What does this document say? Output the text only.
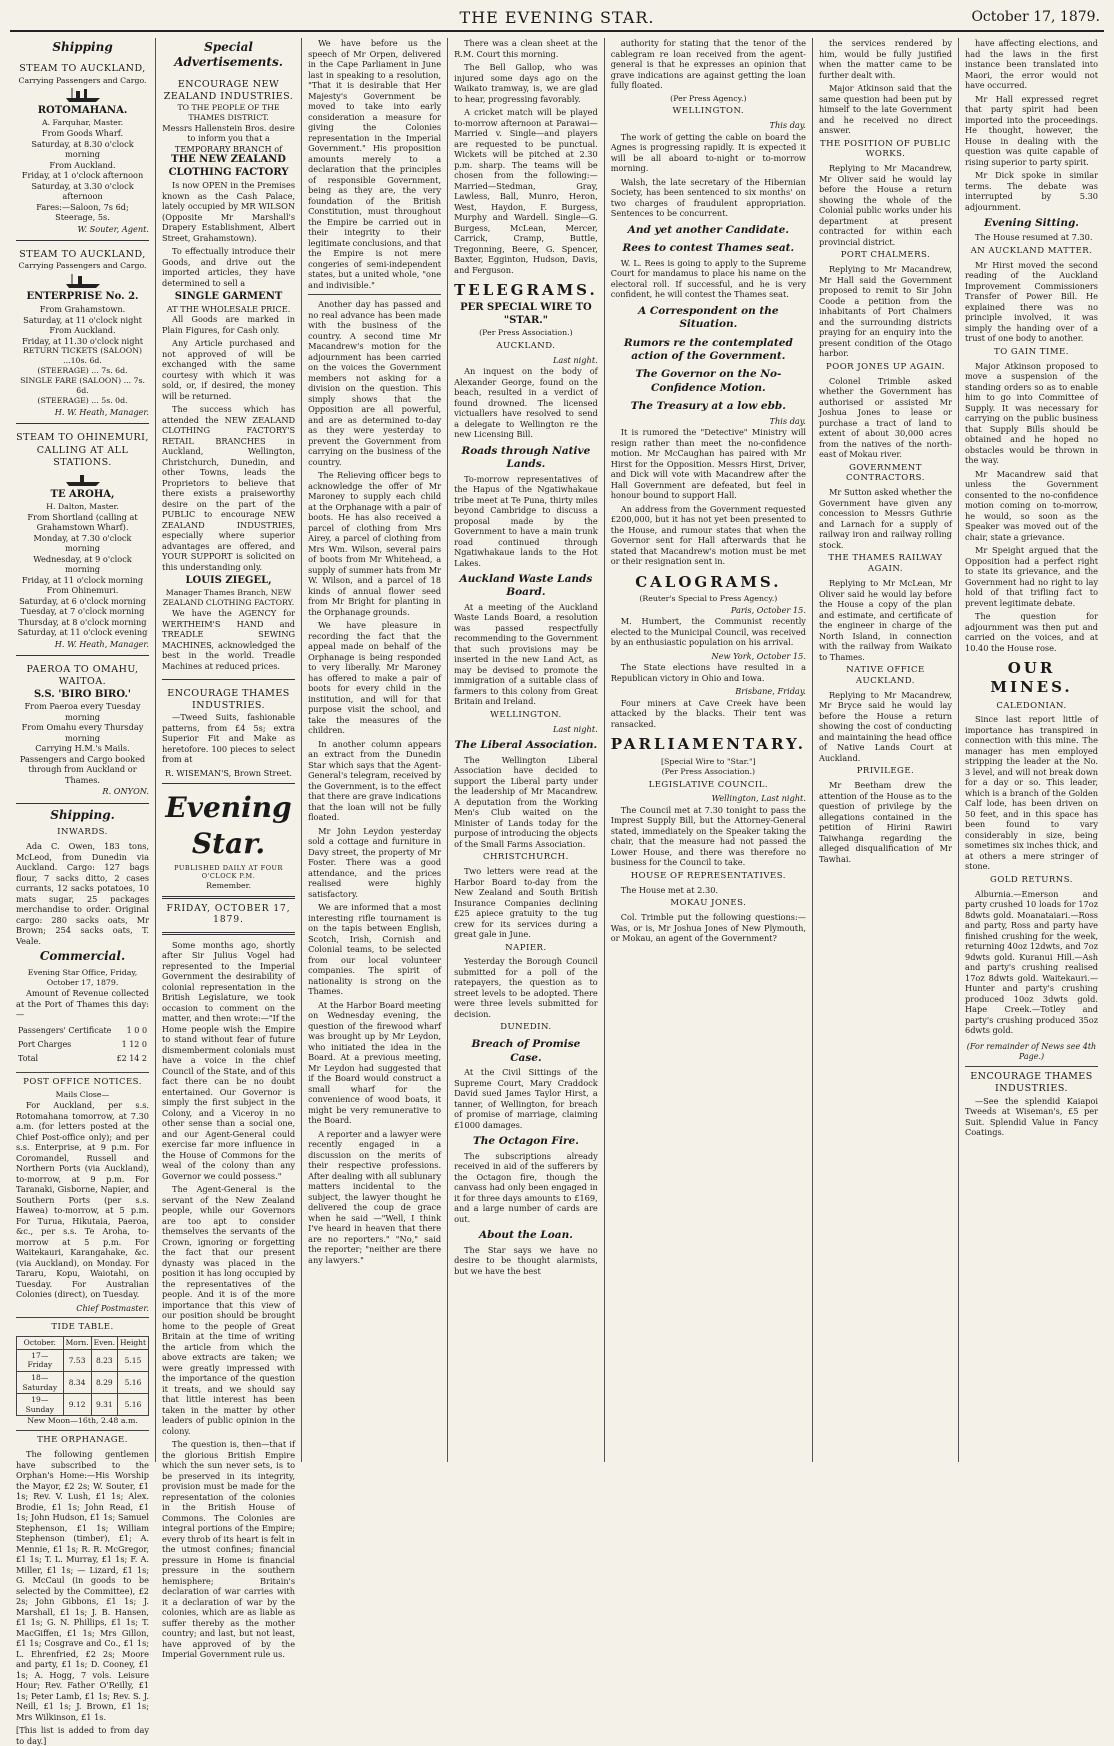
THE EVENING STAR.	October 17, 1879.
Shipping
STEAM TO AUCKLAND,
Carrying Passengers and Cargo.
ROTOMAHANA.
A. Farquhar, Master.
From Goods Wharf.
Saturday, at 8.30 o'clock morning
From Auckland.
Friday, at 1 o'clock afternoon
Saturday, at 3.30 o'clock afternoon
Fares:—Saloon, 7s 6d; Steerage, 5s.
W. Souter, Agent.
STEAM TO AUCKLAND,
Carrying Passengers and Cargo.
ENTERPRISE No. 2.
From Grahamstown.
Saturday, at 11 o'clock night
From Auckland.
Friday, at 11.30 o'clock night
RETURN TICKETS (SALOON) ...10s. 6d.
(STEERAGE) ... 7s. 6d.
SINGLE FARE (SALOON) ... 7s. 6d.
(STEERAGE) ... 5s. 0d.
H. W. Heath, Manager.
STEAM TO OHINEMURI, CALLING AT ALL STATIONS.
TE AROHA,
H. Dalton, Master.
From Shortland (calling at Grahamstown Wharf).
Monday, at 7.30 o'clock morning
Wednesday, at 9 o'clock morning
Friday, at 11 o'clock morning
From Ohinemuri.
Saturday, at 6 o'clock morning
Tuesday, at 7 o'clock morning
Thursday, at 8 o'clock morning
Saturday, at 11 o'clock evening
H. W. Heath, Manager.
PAEROA TO OMAHU, WAITOA.
S.S. 'BIRO BIRO.'
From Paeroa every Tuesday morning
From Omahu every Thursday morning
Carrying H.M.'s Mails.
Passengers and Cargo booked through from Auckland or Thames.
R. ONYON.
Shipping.
INWARDS.

Ada C. Owen, 183 tons, McLeod, from Dunedin via Auckland. Cargo: 127 bags flour, 7 sacks ditto, 2 cases currants, 12 sacks potatoes, 10 mats sugar, 25 packages merchandise to order. Original cargo: 280 sacks oats, Mr Brown; 254 sacks oats, T. Veale.

Commercial.
Evening Star Office, Friday, October 17, 1879.

Amount of Revenue collected at the Port of Thames this day:—

Passengers' Certificate	1 0 0
Port Charges	1 12 0
Total	£2 14 2
POST OFFICE NOTICES.
Mails Close—

For Auckland, per s.s. Rotomahana tomorrow, at 7.30 a.m. (for letters posted at the Chief Post-office only); and per s.s. Enterprise, at 9 p.m. For Coromandel, Russell and Northern Ports (via Auckland), to-morrow, at 9 p.m. For Taranaki, Gisborne, Napier, and Southern Ports (per s.s. Hawea) to-morrow, at 5 p.m. For Turua, Hikutaia, Paeroa, &c., per s.s. Te Aroha, to-morrow at 5 p.m. For Waitekauri, Karangahake, &c. (via Auckland), on Monday. For Tararu, Kopu, Waiotahi, on Tuesday. For Australian Colonies (direct), on Tuesday.

Chief Postmaster.
TIDE TABLE.
October.	Morn.	Even.	Height
17—Friday	7.53	8.23	5.15
18—Saturday	8.34	8.29	5.16
19—Sunday	9.12	9.31	5.16
New Moon—16th, 2.48 a.m.
THE ORPHANAGE.

The following gentlemen have subscribed to the Orphan's Home:—His Worship the Mayor, £2 2s; W. Souter, £1 1s; Rev. V. Lush, £1 1s; Alex. Brodie, £1 1s; John Read, £1 1s; John Hudson, £1 1s; Samuel Stephenson, £1 1s; William Stephenson (timber), £1; A. Mennie, £1 1s; R. R. McGregor, £1 1s; T. L. Murray, £1 1s; F. A. Miller, £1 1s; — Lizard, £1 1s; G. McCaul (in goods to be selected by the Committee), £2 2s; John Gibbons, £1 1s; J. Marshall, £1 1s; J. B. Hansen, £1 1s; G. N. Phillips, £1 1s; T. MacGiffen, £1 1s; Mrs Gillon, £1 1s; Cosgrave and Co., £1 1s; L. Ehrenfried, £2 2s; Moore and party, £1 1s; D. Cooney, £1 1s; A. Hogg, 7 vols. Leisure Hour; Rev. Father O'Reilly, £1 1s; Peter Lamb, £1 1s; Rev. S. J. Neill, £1 1s; J. Brown, £1 1s; Mrs Wilkinson, £1 1s.

[This list is added to from day to day.]
Special Advertisements.
ENCOURAGE NEW ZEALAND INDUSTRIES.
TO THE PEOPLE OF THE THAMES DISTRICT.
Messrs Hallenstein Bros. desire to inform you that a TEMPORARY BRANCH of
THE NEW ZEALAND CLOTHING FACTORY

Is now OPEN in the Premises known as the Cash Palace, lately occupied by MR WILSON (Opposite Mr Marshall's Drapery Establishment, Albert Street, Grahamstown).

To effectually introduce their Goods, and drive out the imported articles, they have determined to sell a

SINGLE GARMENT
AT THE WHOLESALE PRICE.

All Goods are marked in Plain Figures, for Cash only.

Any Article purchased and not approved of will be exchanged with the same courtesy with which it was sold, or, if desired, the money will be returned.

The success which has attended the NEW ZEALAND CLOTHING FACTORY'S RETAIL BRANCHES in Auckland, Wellington, Christchurch, Dunedin, and other Towns, leads the Proprietors to believe that there exists a praiseworthy desire on the part of the PUBLIC to encourage NEW ZEALAND INDUSTRIES, especially where superior advantages are offered, and YOUR SUPPORT is solicited on this understanding only.

LOUIS ZIEGEL,
Manager Thames Branch, NEW ZEALAND CLOTHING FACTORY.

We have the AGENCY for WERTHEIM'S HAND and TREADLE SEWING MACHINES, acknowledged the best in the world. Treadle Machines at reduced prices.

ENCOURAGE THAMES INDUSTRIES.

—Tweed Suits, fashionable patterns, from £4 5s; extra Superior Fit and Make as heretofore. 100 pieces to select from at

R. WISEMAN'S, Brown Street.
Evening Star.
PUBLISHED DAILY AT FOUR O'CLOCK P.M.
Remember.
FRIDAY, OCTOBER 17, 1879.

Some months ago, shortly after Sir Julius Vogel had represented to the Imperial Government the desirability of colonial representation in the British Legislature, we took occasion to comment on the matter, and then wrote:—"If the Home people wish the Empire to stand without fear of future dismemberment colonials must have a voice in the chief Council of the State, and of this fact there can be no doubt entertained. Our Governor is simply the first subject in the Colony, and a Viceroy in no other sense than a social one, and our Agent-General could exercise far more influence in the House of Commons for the weal of the colony than any Governor we could possess."

The Agent-General is the servant of the New Zealand people, while our Governors are too apt to consider themselves the servants of the Crown, ignoring or forgetting the fact that our present dynasty was placed in the position it has long occupied by the representatives of the people. And it is of the more importance that this view of our position should be brought home to the people of Great Britain at the time of writing the article from which the above extracts are taken; we were greatly impressed with the importance of the question it treats, and we should say that little interest has been taken in the matter by other leaders of public opinion in the colony.

The question is, then—that if the glorious British Empire which the sun never sets, is to be preserved in its integrity, provision must be made for the representation of the colonies in the British House of Commons. The Colonies are integral portions of the Empire; every throb of its heart is felt in the utmost confines; financial pressure in Home is financial pressure in the southern hemisphere; Britain's declaration of war carries with it a declaration of war by the colonies, which are as liable as suffer thereby as the mother country; and last, but not least, have approved of by the Imperial Government rule us.

We have before us the speech of Mr Orpen, delivered in the Cape Parliament in June last in speaking to a resolution, "That it is desirable that Her Majesty's Government be moved to take into early consideration a measure for giving the Colonies representation in the Imperial Government." His proposition amounts merely to a declaration that the principles of responsible Government, being as they are, the very foundation of the British Constitution, must throughout the Empire be carried out in their integrity to their legitimate conclusions, and that the Empire is not mere congeries of semi-independent states, but a united whole, "one and indivisible."

Another day has passed and no real advance has been made with the business of the country. A second time Mr Macandrew's motion for the adjournment has been carried on the voices the Government members not asking for a division on the question. This simply shows that the Opposition are all powerful, and are as determined to-day as they were yesterday to prevent the Government from carrying on the business of the country.

The Relieving officer begs to acknowledge the offer of Mr Maroney to supply each child at the Orphanage with a pair of boots. He has also received a parcel of clothing from Mrs Airey, a parcel of clothing from Mrs Wm. Wilson, several pairs of boots from Mr Whitehead, a supply of summer hats from Mr W. Wilson, and a parcel of 18 kinds of annual flower seed from Mr Bright for planting in the Orphanage grounds.

We have pleasure in recording the fact that the appeal made on behalf of the Orphanage is being responded to very liberally. Mr Maroney has offered to make a pair of boots for every child in the institution, and will for that purpose visit the school, and take the measures of the children.

In another column appears an extract from the Dunedin Star which says that the Agent-General's telegram, received by the Government, is to the effect that there are grave indications that the loan will not be fully floated.

Mr John Leydon yesterday sold a cottage and furniture in Davy street, the property of Mr Foster. There was a good attendance, and the prices realised were highly satisfactory.

We are informed that a most interesting rifle tournament is on the tapis between English, Scotch, Irish, Cornish and Colonial teams, to be selected from our local volunteer companies. The spirit of nationality is strong on the Thames.

At the Harbor Board meeting on Wednesday evening, the question of the firewood wharf was brought up by Mr Leydon, who initiated the idea in the Board. At a previous meeting, Mr Leydon had suggested that if the Board would construct a small wharf for the convenience of wood boats, it might be very remunerative to the Board.

A reporter and a lawyer were recently engaged in a discussion on the merits of their respective professions. After dealing with all sublunary matters incidental to the subject, the lawyer thought he delivered the coup de grace when he said —"Well, I think I've heard in heaven that there are no reporters." "No," said the reporter; "neither are there any lawyers."

There was a clean sheet at the R.M. Court this morning.

The Bell Gallop, who was injured some days ago on the Waikato tramway, is, we are glad to hear, progressing favorably.

A cricket match will be played to-morrow afternoon at Parawai—Married v. Single—and players are requested to be punctual. Wickets will be pitched at 2.30 p.m. sharp. The teams will be chosen from the following:—Married—Stedman, Gray, Lawless, Ball, Munro, Heron, West, Haydon, F. Burgess, Murphy and Wardell. Single—G. Burgess, McLean, Mercer, Carrick, Cramp, Buttle, Tregonning, Beere, G. Spencer, Baxter, Egginton, Hudson, Davis, and Ferguson.

TELEGRAMS.
PER SPECIAL WIRE TO "STAR."
(Per Press Association.)
AUCKLAND.
Last night.

An inquest on the body of Alexander George, found on the beach, resulted in a verdict of found drowned. The licensed victuallers have resolved to send a delegate to Wellington re the new Licensing Bill.

Roads through Native Lands.

To-morrow representatives of the Hapus of the Ngatiwhakaue tribe meet at Te Puna, thirty miles beyond Cambridge to discuss a proposal made by the Government to have a main trunk road continued through Ngatiwhakaue lands to the Hot Lakes.

Auckland Waste Lands Board.

At a meeting of the Auckland Waste Lands Board, a resolution was passed respectfully recommending to the Government that such provisions may be inserted in the new Land Act, as may be devised to promote the immigration of a suitable class of farmers to this colony from Great Britain and Ireland.

WELLINGTON.
Last night.
The Liberal Association.

The Wellington Liberal Association have decided to support the Liberal party under the leadership of Mr Macandrew. A deputation from the Working Men's Club waited on the Minister of Lands today for the purpose of introducing the objects of the Small Farms Association.

CHRISTCHURCH.

Two letters were read at the Harbor Board to-day from the New Zealand and South British Insurance Companies declining £25 apiece gratuity to the tug crew for its services during a great gale in June.

NAPIER.

Yesterday the Borough Council submitted for a poll of the ratepayers, the question as to street levels to be adopted. There were three levels submitted for decision.

DUNEDIN.
Breach of Promise Case.

At the Civil Sittings of the Supreme Court, Mary Craddock David sued James Taylor Hirst, a tanner, of Wellington, for breach of promise of marriage, claiming £1000 damages.

The Octagon Fire.

The subscriptions already received in aid of the sufferers by the Octagon fire, though the canvass had only been engaged in it for three days amounts to £169, and a large number of cards are out.

About the Loan.

The Star says we have no desire to be thought alarmists, but we have the best

authority for stating that the tenor of the cablegram re loan received from the agent-general is that he expresses an opinion that grave indications are against getting the loan fully floated.

(Per Press Agency.)
WELLINGTON.
This day.

The work of getting the cable on board the Agnes is progressing rapidly. It is expected it will be all aboard to-night or to-morrow morning.

Walsh, the late secretary of the Hibernian Society, has been sentenced to six months' on two charges of fraudulent appropriation. Sentences to be concurrent.

And yet another Candidate.
Rees to contest Thames seat.

W. L. Rees is going to apply to the Supreme Court for mandamus to place his name on the electoral roll. If successful, and he is very confident, he will contest the Thames seat.

A Correspondent on the Situation.
Rumors re the contemplated action of the Government.
The Governor on the No-Confidence Motion.
The Treasury at a low ebb.
This day.

It is rumored the "Detective" Ministry will resign rather than meet the no-confidence motion. Mr McCaughan has paired with Mr Hirst for the Opposition. Messrs Hirst, Driver, and Dick will vote with Macandrew after the Hall Government are defeated, but feel in honour bound to support Hall.

An address from the Government requested £200,000, but it has not yet been presented to the House, and rumour states that when the Governor sent for Hall afterwards that he stated that Macandrew's motion must be met or their resignation sent in.

CALOGRAMS.
(Reuter's Special to Press Agency.)
Paris, October 15.

M. Humbert, the Communist recently elected to the Municipal Council, was received by an enthusiastic population on his arrival.

New York, October 15.

The State elections have resulted in a Republican victory in Ohio and Iowa.

Brisbane, Friday.

Four miners at Cave Creek have been attacked by the blacks. Their tent was ransacked.

PARLIAMENTARY.
[Special Wire to "Star."]
(Per Press Association.)
LEGISLATIVE COUNCIL.
Wellington, Last night.

The Council met at 7.30 tonight to pass the Imprest Supply Bill, but the Attorney-General stated, immediately on the Speaker taking the chair, that the measure had not passed the Lower House, and there was therefore no business for the Council to take.

HOUSE OF REPRESENTATIVES.

The House met at 2.30.

MOKAU JONES.

Col. Trimble put the following questions:—Was, or is, Mr Joshua Jones of New Plymouth, or Mokau, an agent of the Government?

the services rendered by him, would be fully justified when the matter came to be further dealt with.

Major Atkinson said that the same question had been put by himself to the late Government and he received no direct answer.

THE POSITION OF PUBLIC WORKS.

Replying to Mr Macandrew, Mr Oliver said he would lay before the House a return showing the whole of the Colonial public works under his department at present contracted for within each provincial district.

PORT CHALMERS.

Replying to Mr Macandrew, Mr Hall said the Government proposed to remit to Sir John Coode a petition from the inhabitants of Port Chalmers and the surrounding districts praying for an enquiry into the present condition of the Otago harbor.

POOR JONES UP AGAIN.

Colonel Trimble asked whether the Government has authorised or assisted Mr Joshua Jones to lease or purchase a tract of land to extent of about 30,000 acres from the natives of the north-east of Mokau river.

GOVERNMENT CONTRACTORS.

Mr Sutton asked whether the Government have given any concession to Messrs Guthrie and Larnach for a supply of railway iron and railway rolling stock.

THE THAMES RAILWAY AGAIN.

Replying to Mr McLean, Mr Oliver said he would lay before the House a copy of the plan and estimate, and certificate of the engineer in charge of the North Island, in connection with the railway from Waikato to Thames.

NATIVE OFFICE AUCKLAND.

Replying to Mr Macandrew, Mr Bryce said he would lay before the House a return showing the cost of conducting and maintaining the head office of Native Lands Court at Auckland.

PRIVILEGE.

Mr Beetham drew the attention of the House as to the question of privilege by the allegations contained in the petition of Hirini Rawiri Taiwhanga regarding the alleged disqualification of Mr Tawhai.

have affecting elections, and had the laws in the first instance been translated into Maori, the error would not have occurred.

Mr Hall expressed regret that party spirit had been imported into the proceedings. He thought, however, the House in dealing with the question was quite capable of rising superior to party spirit.

Mr Dick spoke in similar terms. The debate was interrupted by 5.30 adjournment.

Evening Sitting.

The House resumed at 7.30.

AN AUCKLAND MATTER.

Mr Hirst moved the second reading of the Auckland Improvement Commissioners Transfer of Power Bill. He explained there was no principle involved, it was simply the handing over of a trust of one body to another.

TO GAIN TIME.

Major Atkinson proposed to move a suspension of the standing orders so as to enable him to go into Committee of Supply. It was necessary for carrying on the public business that Supply Bills should be obtained and he hoped no obstacles would be thrown in the way.

Mr Macandrew said that unless the Government consented to the no-confidence motion coming on to-morrow, he would, so soon as the Speaker was moved out of the chair, state a grievance.

Mr Speight argued that the Opposition had a perfect right to state its grievance, and the Government had no right to lay hold of that trifling fact to prevent legitimate debate.

The question for adjournment was then put and carried on the voices, and at 10.40 the House rose.

OUR MINES.
CALEDONIAN.

Since last report little of importance has transpired in connection with this mine. The manager has men employed stripping the leader at the No. 3 level, and will not break down for a day or so. This leader, which is a branch of the Golden Calf lode, has been driven on 50 feet, and in this space has been found to vary considerably in size, being sometimes six inches thick, and at others a mere stringer of stone.

GOLD RETURNS.

Alburnia.—Emerson and party crushed 10 loads for 17oz 8dwts gold. Moanataiari.—Ross and party, Ross and party have finished crushing for the week, returning 40oz 12dwts, and 7oz 9dwts gold. Kuranui Hill.—Ash and party's crushing realised 17oz 8dwts gold. Waitekauri.—Hunter and party's crushing produced 10oz 3dwts gold. Hape Creek.—Totley and party's crushing produced 35oz 6dwts gold.

(For remainder of News see 4th Page.)
ENCOURAGE THAMES INDUSTRIES.

—See the splendid Kaiapoi Tweeds at Wiseman's, £5 per Suit. Splendid Value in Fancy Coatings.
